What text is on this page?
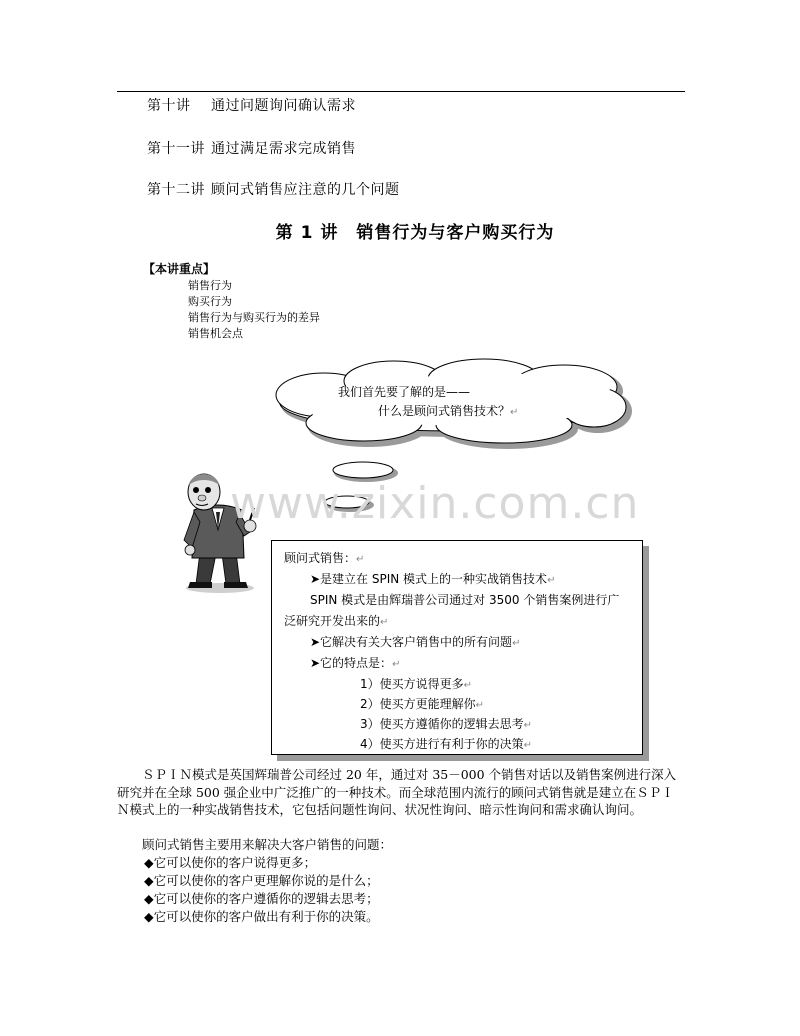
第十讲 通过问题询问确认需求
第十一讲 通过满足需求完成销售
第十二讲 顾问式销售应注意的几个问题
第 1 讲　销售行为与客户购买行为
【本讲重点】
销售行为
购买行为
销售行为与购买行为的差异
销售机会点
我们首先要了解的是——
什么是顾问式销售技术？↵
www.zixin.com.cn
顾问式销售：↵
➤是建立在 SPIN 模式上的一种实战销售技术↵
SPIN 模式是由辉瑞普公司通过对 3500 个销售案例进行广
泛研究开发出来的↵
➤它解决有关大客户销售中的所有问题↵
➤它的特点是：↵
1）使买方说得更多↵
2）使买方更能理解你↵
3）使买方遵循你的逻辑去思考↵
4）使买方进行有利于你的决策↵
ＳＰＩＮ模式是英国辉瑞普公司经过 20 年，通过对 35－000 个销售对话以及销售案例进行深入研究并在全球 500 强企业中广泛推广的一种技术。而全球范围内流行的顾问式销售就是建立在ＳＰＩＮ模式上的一种实战销售技术，它包括问题性询问、状况性询问、暗示性询问和需求确认询问。
顾问式销售主要用来解决大客户销售的问题：
◆它可以使你的客户说得更多；
◆它可以使你的客户更理解你说的是什么；
◆它可以使你的客户遵循你的逻辑去思考；
◆它可以使你的客户做出有利于你的决策。
